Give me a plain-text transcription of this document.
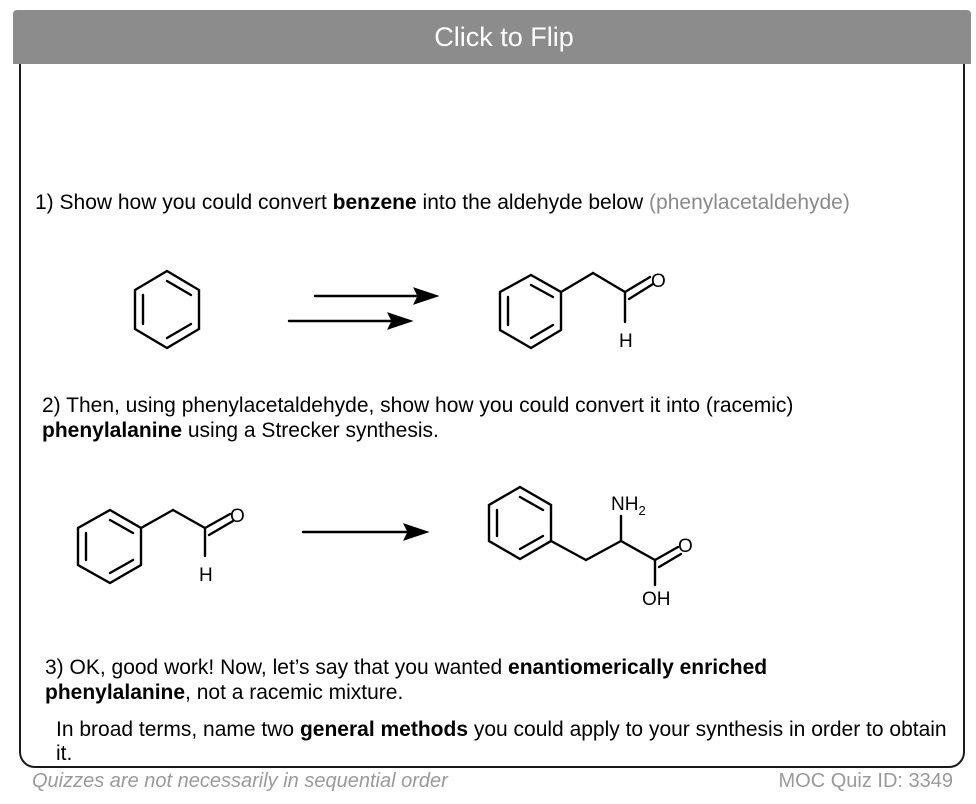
Click to Flip
1) Show how you could convert benzene into the aldehyde below (phenylacetaldehyde)
O
H
2) Then, using phenylacetaldehyde, show how you could convert it into (racemic)
phenylalanine using a Strecker synthesis.
O
H
$NH_2$
O
OH
3) OK, good work! Now, let’s say that you wanted enantiomerically enriched
phenylalanine, not a racemic mixture.
In broad terms, name two general methods you could apply to your synthesis in order to obtain it.
Quizzes are not necessarily in sequential order	MOC Quiz ID: 3349
